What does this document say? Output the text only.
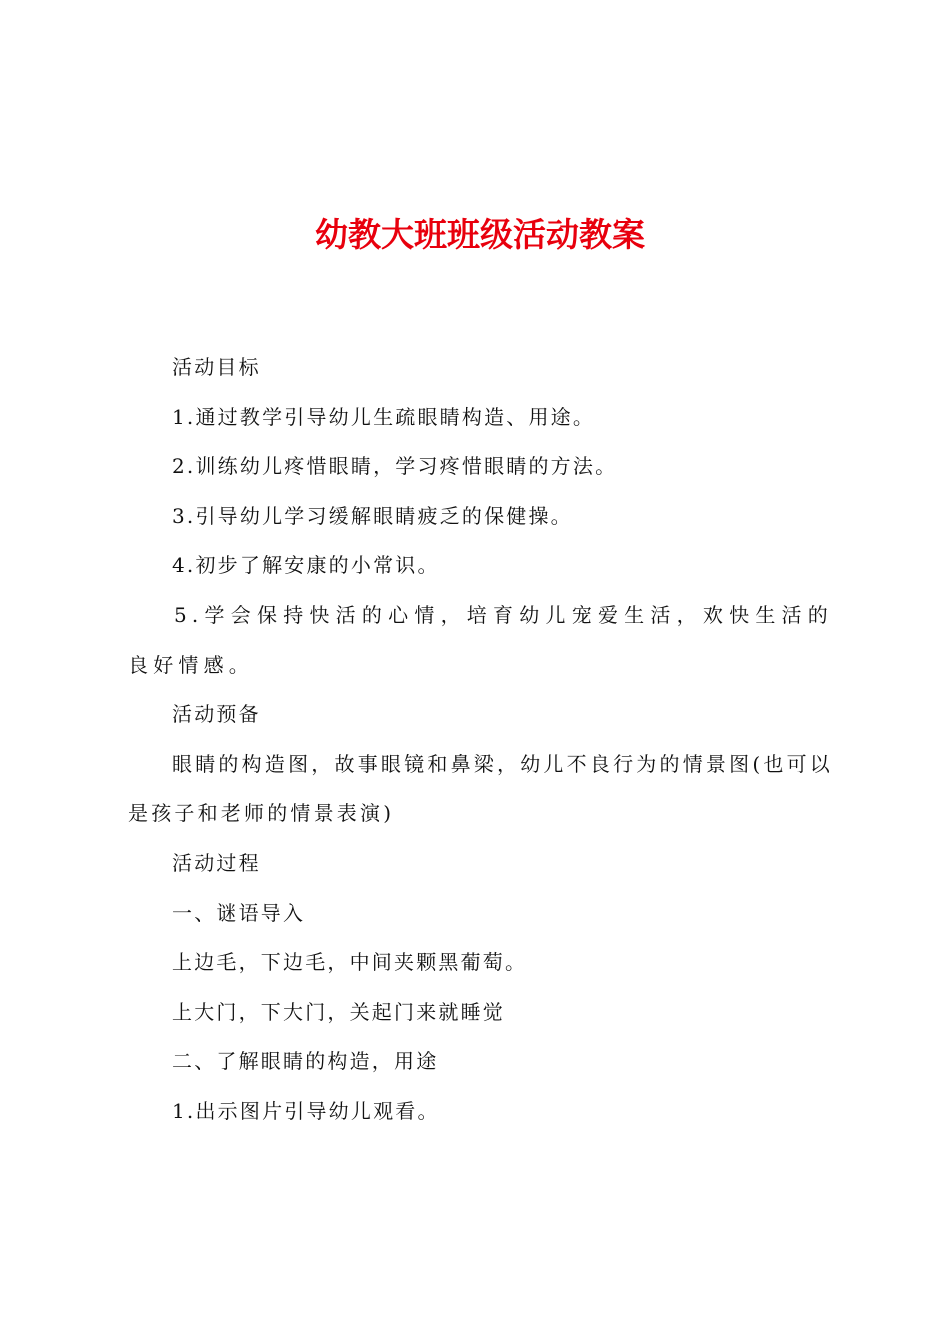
幼教大班班级活动教案

活动目标

1.通过教学引导幼儿生疏眼睛构造、用途。

2.训练幼儿疼惜眼睛，学习疼惜眼睛的方法。

3.引导幼儿学习缓解眼睛疲乏的保健操。

4.初步了解安康的小常识。

5.学会保持快活的心情，培育幼儿宠爱生活，欢快生活的良好情感。

活动预备

眼睛的构造图，故事眼镜和鼻梁，幼儿不良行为的情景图(也可以是孩子和老师的情景表演)

活动过程

一、谜语导入

上边毛，下边毛，中间夹颗黑葡萄。

上大门，下大门，关起门来就睡觉

二、了解眼睛的构造，用途

1.出示图片引导幼儿观看。
